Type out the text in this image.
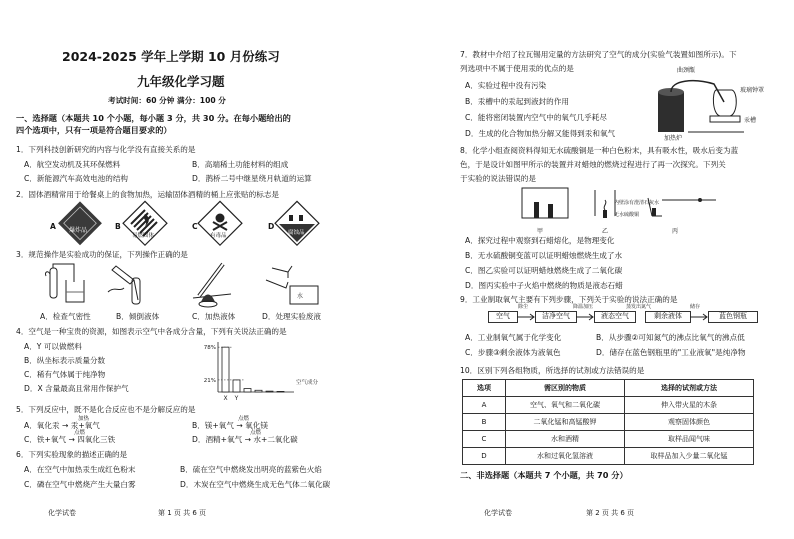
2024-2025 学年上学期 10 月份练习
九年级化学习题
考试时间：60 分钟 满分：100 分
一、选择题（本题共 10 个小题，每小题 3 分，共 30 分。在每小题给出的
四个选项中，只有一项是符合题目要求的）
1．下列科技创新研究的内容与化学没有直接关系的是
A．航空发动机及其环保燃料	B．高端稀土功能材料的组成
C．新能源汽车高效电池的结构	D．鹊桥二号中继星绕月轨道的运算
2．固体酒精常用于给餐桌上的食物加热，运输固体酒精的桶上应张贴的标志是
A	B	C	D
爆炸品
易燃固体	有毒品	腐蚀品
3．规范操作是实验成功的保证，下列操作正确的是
水
A．检查气密性	B．倾倒液体	C．加热液体	D．处理实验废液
4．空气是一种宝贵的资源，如图表示空气中各成分含量，下列有关说法正确的是
A．Y 可以做燃料
B．纵坐标表示质量分数
C．稀有气体属于纯净物
D．X 含量最高且常用作保护气
X Y
78%
21%	空气成分
5．下列反应中，既不是化合反应也不是分解反应的是
A．氧化汞 → 汞+氧气
加热
B．镁+氧气 → 氧化镁
点燃
C．铁+氧气 → 四氧化三铁
点燃
D．酒精+氧气 → 水+二氧化碳
点燃
6．下列实验现象的描述正确的是
A．在空气中加热汞生成红色粉末	B．硫在空气中燃烧发出明亮的蓝紫色火焰
C．磷在空气中燃烧产生大量白雾	D．木炭在空气中燃烧生成无色气体二氧化碳
化学试卷	第 1 页 共 6 页
7．教材中介绍了拉瓦锡用定量的方法研究了空气的成分(实验气装置如图所示)。下
列选项中不属于使用汞的优点的是
A．实验过程中没有污染
B．汞槽中的汞起到液封的作用
C．能将密闭装置内空气中的氧气几乎耗尽
D．生成的化合物加热分解又能得到汞和氧气
曲颈甑
汞槽
玻璃钟罩
加热炉
8．化学小组查阅资料得知无水硫酸铜是一种白色粉末，具有吸水性，吸水后变为蓝
色，于是设计如图甲所示的装置并对蜡烛的燃烧过程进行了再一次探究。下列关
于实验的说法错误的是
甲	乙	丙
内壁涂有澄清石灰水
无水硫酸铜
A．探究过程中观察到石蜡熔化，是物理变化
B．无水硫酸铜变蓝可以证明蜡烛燃烧生成了水
C．图乙实验可以证明蜡烛燃烧生成了二氧化碳
D．图丙实验中子火焰中燃烧的物质是液态石蜡
9．工业制取氧气主要有下列步骤，下列关于实验的说法正确的是
空气	洁净空气	液态空气	剩余液体	蓝色钢瓶
除尘	降温加压	蒸发出氮气	储存
A．工业制氧气属于化学变化	B．从步骤②可知氮气的沸点比氧气的沸点低
C．步骤③剩余液体为液氧色	D．储存在蓝色钢瓶里的"工业液氧"是纯净物
10．区别下列各组物质，所选择的试剂或方法错误的是
选项	需区别的物质	选择的试剂或方法
A	空气、氧气和二氧化碳	伸入带火星的木条
B	二氧化锰和高锰酸钾	观察固体颜色
C	水和酒精	取样品闻气味
D	水和过氧化氢溶液	取样品加入少量二氧化锰
二、非选择题（本题共 7 个小题，共 70 分）
化学试卷	第 2 页 共 6 页
